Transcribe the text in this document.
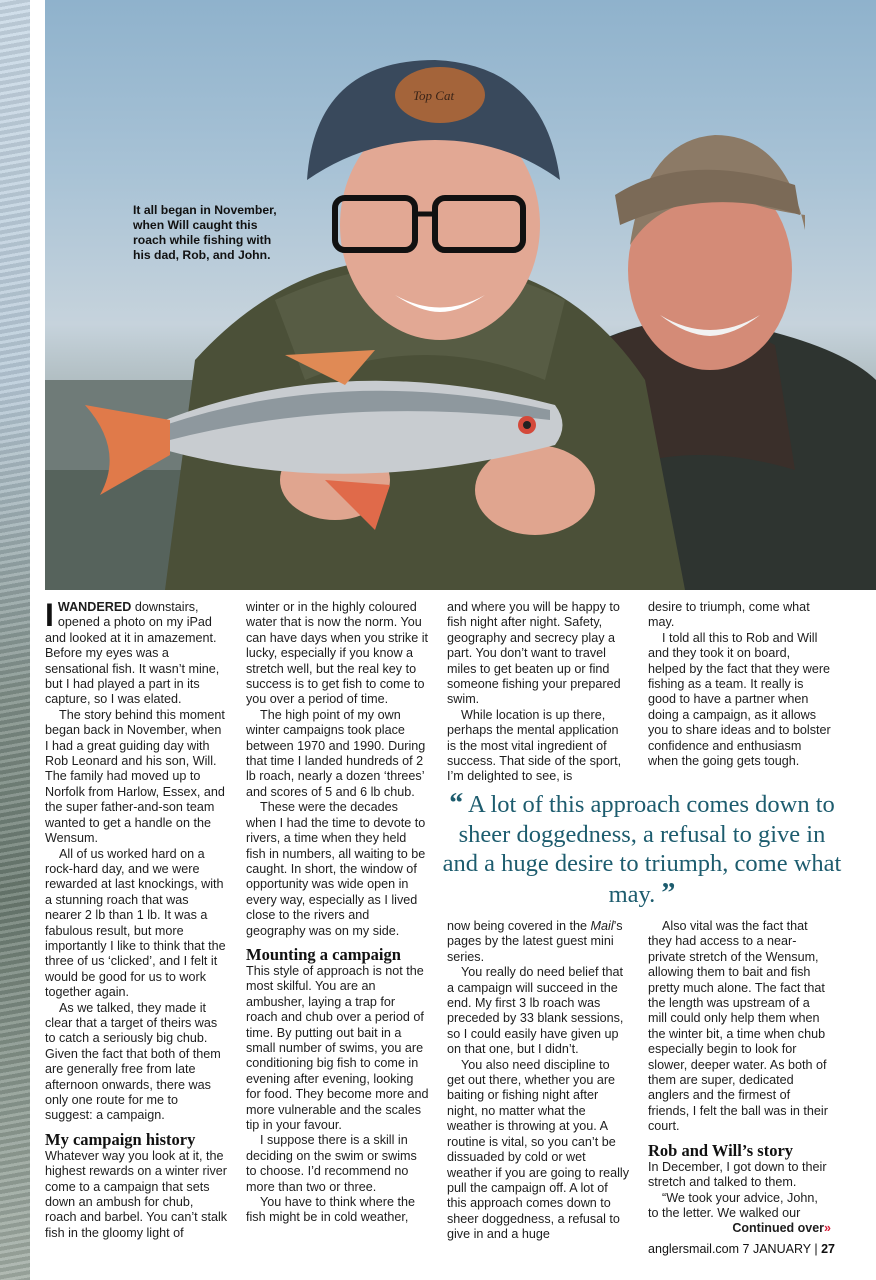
Top Cat
It all began in November, when Will caught this roach while fishing with his dad, Rob, and John.

IWANDERED downstairs, opened a photo on my iPad and looked at it in amazement. Before my eyes was a sensational fish. It wasn’t mine, but I had played a part in its capture, so I was elated.

The story behind this moment began back in November, when I had a great guiding day with Rob Leonard and his son, Will. The family had moved up to Norfolk from Harlow, Essex, and the super father-and-son team wanted to get a handle on the Wensum.

All of us worked hard on a rock-hard day, and we were rewarded at last knockings, with a stunning roach that was nearer 2 lb than 1 lb. It was a fabulous result, but more importantly I like to think that the three of us ‘clicked’, and I felt it would be good for us to work together again.

As we talked, they made it clear that a target of theirs was to catch a seriously big chub. Given the fact that both of them are generally free from late afternoon onwards, there was only one route for me to suggest: a campaign.

My campaign history

Whatever way you look at it, the highest rewards on a winter river come to a campaign that sets down an ambush for chub, roach and barbel. You can’t stalk fish in the gloomy light of

winter or in the highly coloured water that is now the norm. You can have days when you strike it lucky, especially if you know a stretch well, but the real key to success is to get fish to come to you over a period of time.

The high point of my own winter campaigns took place between 1970 and 1990. During that time I landed hundreds of 2 lb roach, nearly a dozen ‘threes’ and scores of 5 and 6 lb chub.

These were the decades when I had the time to devote to rivers, a time when they held fish in numbers, all waiting to be caught. In short, the window of opportunity was wide open in every way, especially as I lived close to the rivers and geography was on my side.

Mounting a campaign

This style of approach is not the most skilful. You are an ambusher, laying a trap for roach and chub over a period of time. By putting out bait in a small number of swims, you are conditioning big fish to come in evening after evening, looking for food. They become more and more vulnerable and the scales tip in your favour.

I suppose there is a skill in deciding on the swim or swims to choose. I’d recommend no more than two or three.

You have to think where the fish might be in cold weather,

and where you will be happy to fish night after night. Safety, geography and secrecy play a part. You don’t want to travel miles to get beaten up or find someone fishing your prepared swim.

While location is up there, perhaps the mental application is the most vital ingredient of success. That side of the sport, I’m delighted to see, is

desire to triumph, come what may.

I told all this to Rob and Will and they took it on board, helped by the fact that they were fishing as a team. It really is good to have a partner when doing a campaign, as it allows you to share ideas and to bolster confidence and enthusiasm when the going gets tough.

“ A lot of this approach comes down to sheer doggedness, a refusal to give in and a huge desire to triumph, come what may. ”

now being covered in the Mail’s pages by the latest guest mini series.

You really do need belief that a campaign will succeed in the end. My first 3 lb roach was preceded by 33 blank sessions, so I could easily have given up on that one, but I didn’t.

You also need discipline to get out there, whether you are baiting or fishing night after night, no matter what the weather is throwing at you. A routine is vital, so you can’t be dissuaded by cold or wet weather if you are going to really pull the campaign off. A lot of this approach comes down to sheer doggedness, a refusal to give in and a huge

Also vital was the fact that they had access to a near-private stretch of the Wensum, allowing them to bait and fish pretty much alone. The fact that the length was upstream of a mill could only help them when the winter bit, a time when chub especially begin to look for slower, deeper water. As both of them are super, dedicated anglers and the firmest of friends, I felt the ball was in their court.

Rob and Will’s story

In December, I got down to their stretch and talked to them.

“We took your advice, John, to the letter. We walked our

Continued over»
anglersmail.com 7 JANUARY | 27
